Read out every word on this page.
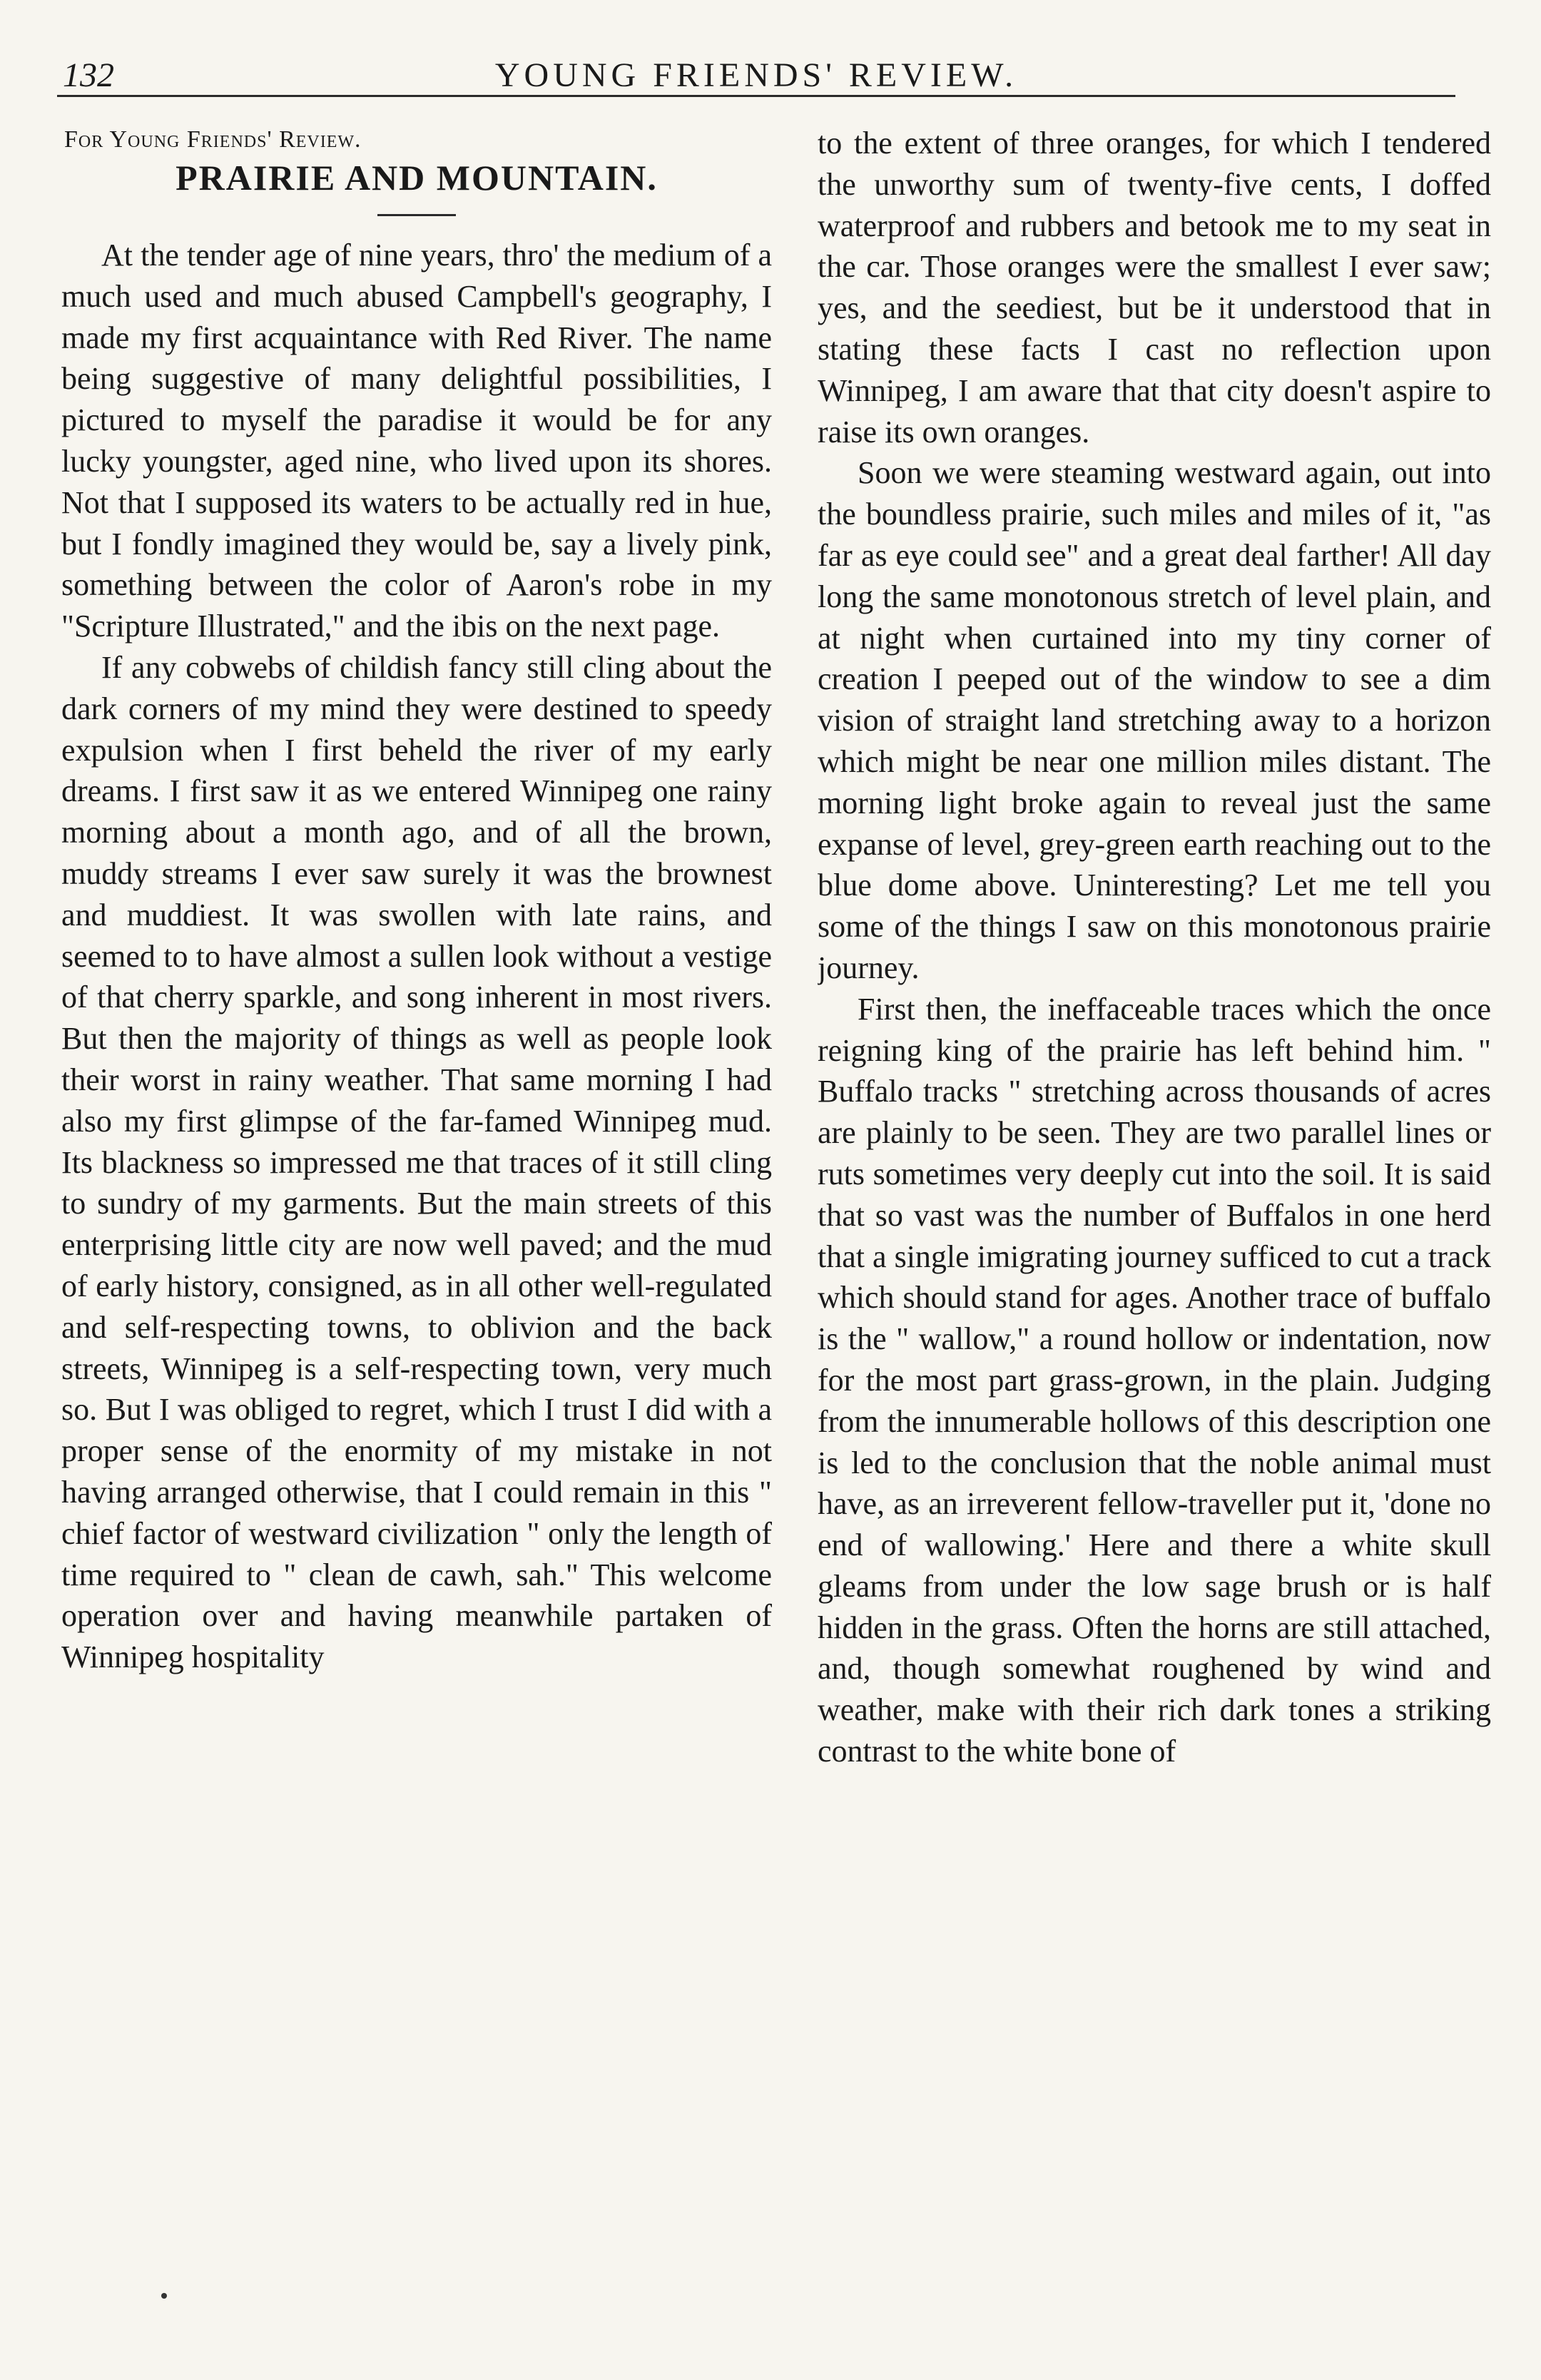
132	YOUNG FRIENDS' REVIEW.
For Young Friends' Review.
PRAIRIE AND MOUNTAIN.

At the tender age of nine years, thro' the medium of a much used and much abused Campbell's geography, I made my first acquaintance with Red River. The name being suggestive of many delightful possibilities, I pictured to myself the paradise it would be for any lucky youngster, aged nine, who lived upon its shores. Not that I supposed its waters to be actually red in hue, but I fondly imagined they would be, say a lively pink, something between the color of Aaron's robe in my "Scripture Illustrated," and the ibis on the next page.

If any cobwebs of childish fancy still cling about the dark corners of my mind they were destined to speedy expulsion when I first beheld the river of my early dreams. I first saw it as we entered Winnipeg one rainy morning about a month ago, and of all the brown, muddy streams I ever saw surely it was the brownest and muddiest. It was swollen with late rains, and seemed to to have almost a sullen look without a vestige of that cherry sparkle, and song inherent in most rivers. But then the majority of things as well as people look their worst in rainy weather. That same morning I had also my first glimpse of the far-famed Winnipeg mud. Its blackness so impressed me that traces of it still cling to sundry of my garments. But the main streets of this enterprising little city are now well paved; and the mud of early history, consigned, as in all other well-regulated and self-respecting towns, to oblivion and the back streets, Winnipeg is a self-respecting town, very much so. But I was obliged to regret, which I trust I did with a proper sense of the enormity of my mistake in not having arranged otherwise, that I could remain in this " chief factor of westward civilization " only the length of time required to " clean de cawh, sah." This welcome operation over and having meanwhile partaken of Winnipeg hospitality

to the extent of three oranges, for which I tendered the unworthy sum of twenty-five cents, I doffed waterproof and rubbers and betook me to my seat in the car. Those oranges were the smallest I ever saw; yes, and the seediest, but be it understood that in stating these facts I cast no reflection upon Winnipeg, I am aware that that city doesn't aspire to raise its own oranges.

Soon we were steaming westward again, out into the boundless prairie, such miles and miles of it, "as far as eye could see" and a great deal farther! All day long the same monotonous stretch of level plain, and at night when curtained into my tiny corner of creation I peeped out of the window to see a dim vision of straight land stretching away to a horizon which might be near one million miles distant. The morning light broke again to reveal just the same expanse of level, grey-green earth reaching out to the blue dome above. Uninteresting? Let me tell you some of the things I saw on this monotonous prairie journey.

First then, the ineffaceable traces which the once reigning king of the prairie has left behind him. " Buffalo tracks " stretching across thousands of acres are plainly to be seen. They are two parallel lines or ruts sometimes very deeply cut into the soil. It is said that so vast was the number of Buffalos in one herd that a single imigrating journey sufficed to cut a track which should stand for ages. Another trace of buffalo is the " wallow," a round hollow or indentation, now for the most part grass-grown, in the plain. Judging from the innumerable hollows of this description one is led to the conclusion that the noble animal must have, as an irreverent fellow-traveller put it, 'done no end of wallowing.' Here and there a white skull gleams from under the low sage brush or is half hidden in the grass. Often the horns are still attached, and, though somewhat roughened by wind and weather, make with their rich dark tones a striking contrast to the white bone of
